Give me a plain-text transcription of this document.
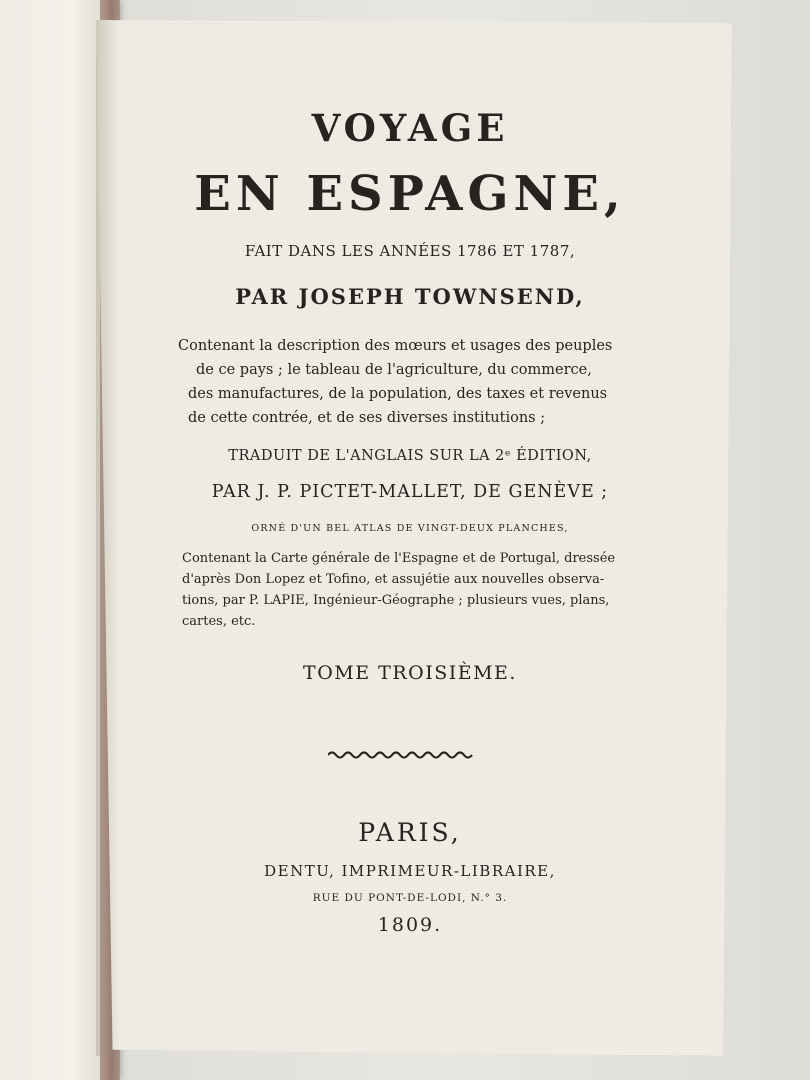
VOYAGE
EN ESPAGNE,
FAIT DANS LES ANNÉES 1786 ET 1787,
PAR JOSEPH TOWNSEND,
Contenant la description des mœurs et usages des peuples
de ce pays ; le tableau de l'agriculture, du commerce,
des manufactures, de la population, des taxes et revenus
de cette contrée, et de ses diverses institutions ;
TRADUIT DE L'ANGLAIS SUR LA 2ᵉ ÉDITION,
PAR J. P. PICTET-MALLET, DE GENÈVE ;
ORNÉ D'UN BEL ATLAS DE VINGT-DEUX PLANCHES,
Contenant la Carte générale de l'Espagne et de Portugal, dressée
d'après Don Lopez et Tofino, et assujétie aux nouvelles observa-
tions, par P. LAPIE, Ingénieur-Géographe ; plusieurs vues, plans,
cartes, etc.
TOME TROISIÈME.
PARIS,
DENTU, IMPRIMEUR-LIBRAIRE,
RUE DU PONT-DE-LODI, N.° 3.
1809.
